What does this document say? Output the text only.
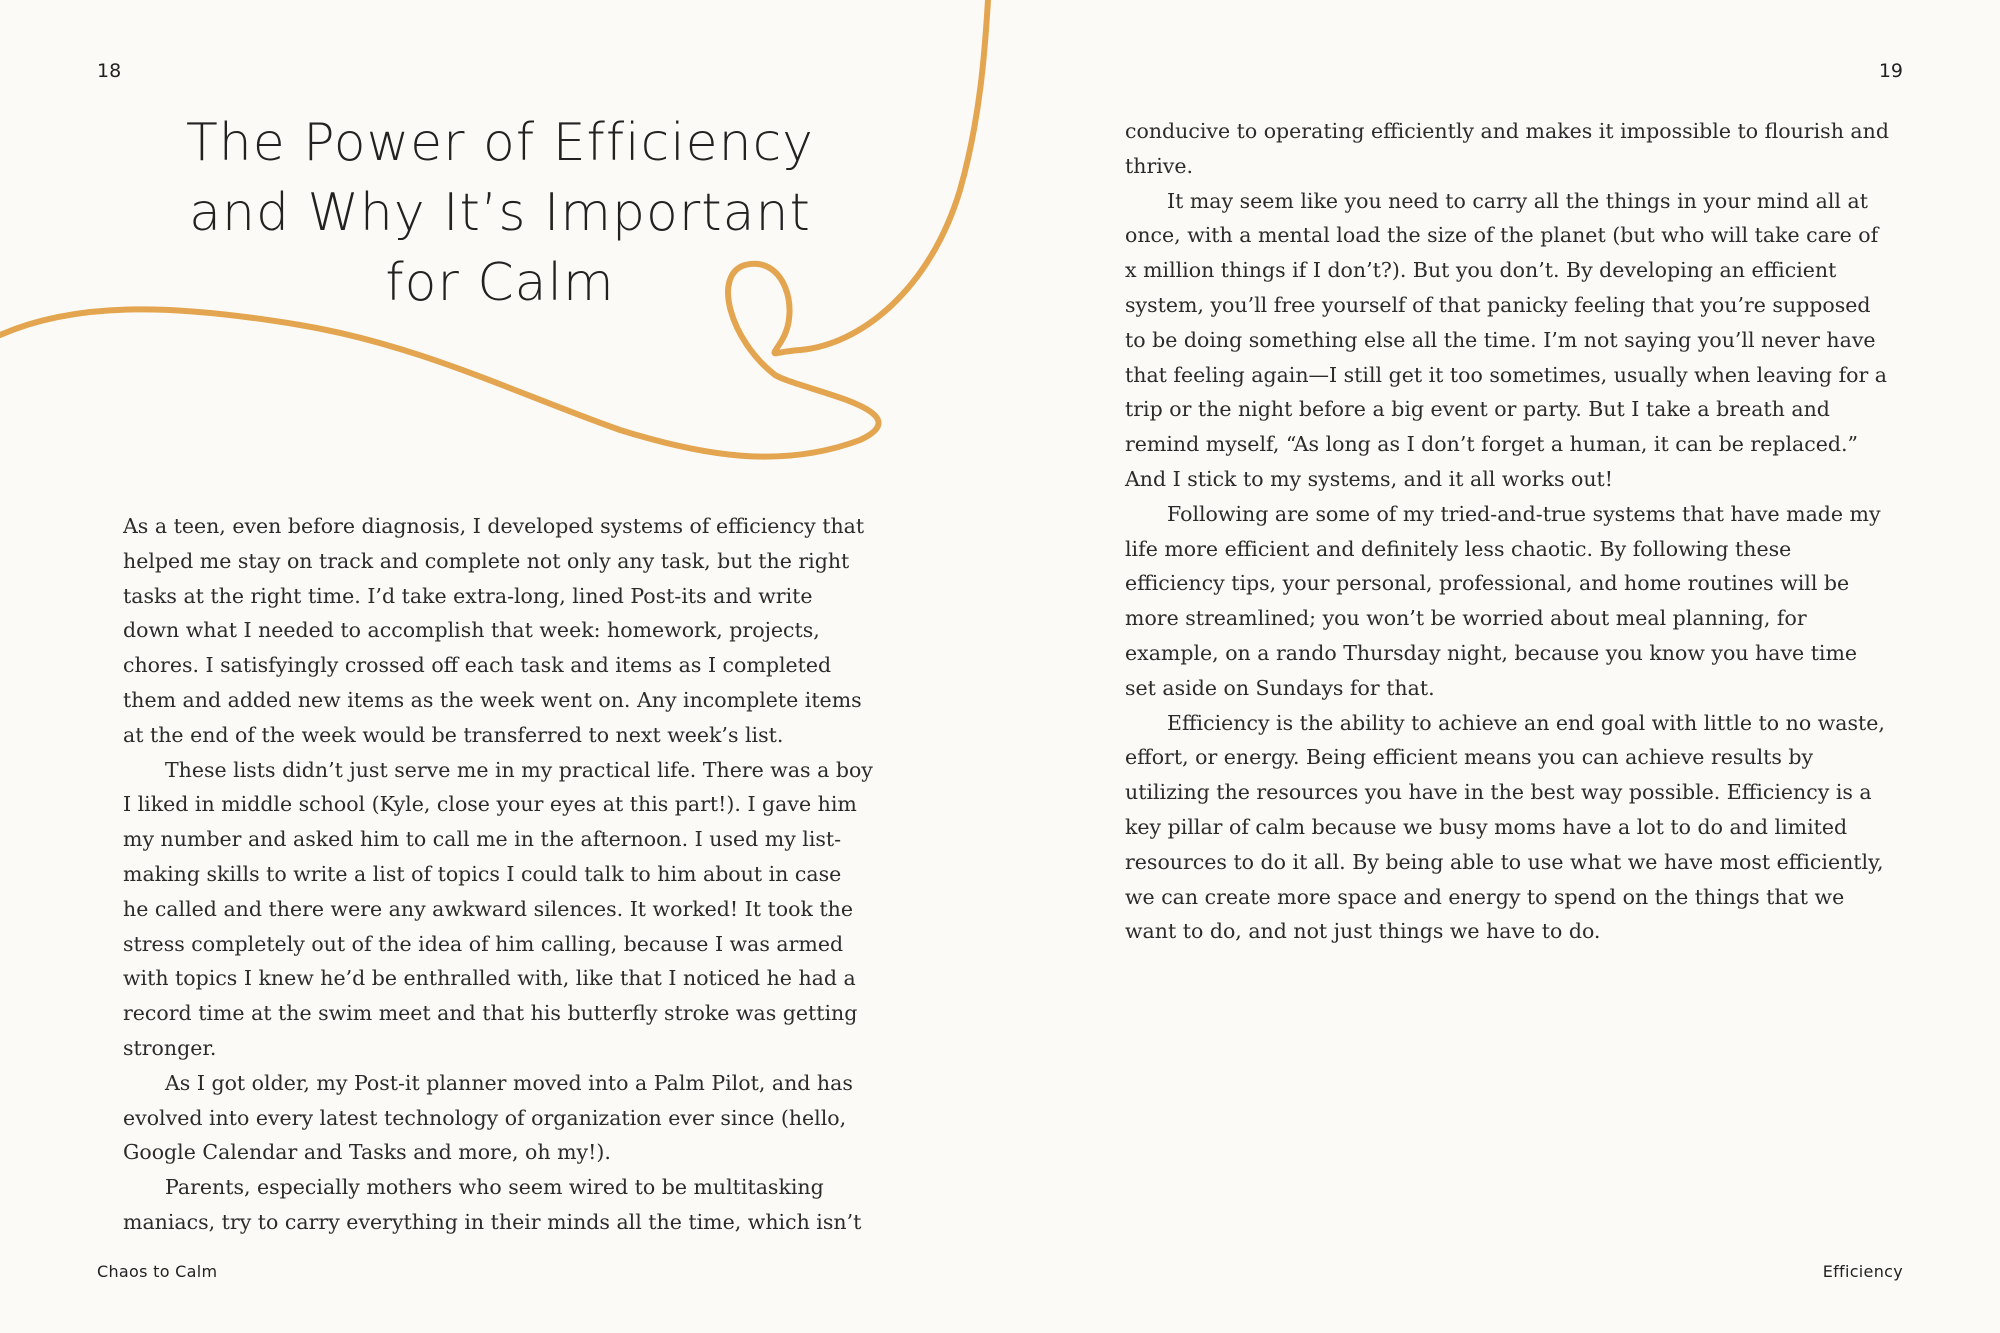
18	19
The Power of Efficiency
and Why It’s Important
for Calm

As a teen, even before diagnosis, I developed systems of efficiency that helped me stay on track and complete not only any task, but the right tasks at the right time. I’d take extra-long, lined Post-its and write down what I needed to accomplish that week: homework, projects, chores. I satisfyingly crossed off each task and items as I completed them and added new items as the week went on. Any incomplete items at the end of the week would be transferred to next week’s list.

These lists didn’t just serve me in my practical life. There was a boy I liked in middle school (Kyle, close your eyes at this part!). I gave him my number and asked him to call me in the afternoon. I used my list-making skills to write a list of topics I could talk to him about in case he called and there were any awkward silences. It worked! It took the stress completely out of the idea of him calling, because I was armed with topics I knew he’d be enthralled with, like that I noticed he had a record time at the swim meet and that his butterfly stroke was getting stronger.

As I got older, my Post-it planner moved into a Palm Pilot, and has evolved into every latest technology of organization ever since (hello, Google Calendar and Tasks and more, oh my!).

Parents, especially mothers who seem wired to be multitasking maniacs, try to carry everything in their minds all the time, which isn’t

conducive to operating efficiently and makes it impossible to flourish and thrive.

It may seem like you need to carry all the things in your mind all at once, with a mental load the size of the planet (but who will take care of x million things if I don’t?). But you don’t. By developing an efficient system, you’ll free yourself of that panicky feeling that you’re supposed to be doing something else all the time. I’m not saying you’ll never have that feeling again—I still get it too sometimes, usually when leaving for a trip or the night before a big event or party. But I take a breath and remind myself, “As long as I don’t forget a human, it can be replaced.” And I stick to my systems, and it all works out!

Following are some of my tried-and-true systems that have made my life more efficient and definitely less chaotic. By following these efficiency tips, your personal, professional, and home routines will be more streamlined; you won’t be worried about meal planning, for example, on a rando Thursday night, because you know you have time set aside on Sundays for that.

Efficiency is the ability to achieve an end goal with little to no waste, effort, or energy. Being efficient means you can achieve results by utilizing the resources you have in the best way possible. Efficiency is a key pillar of calm because we busy moms have a lot to do and limited resources to do it all. By being able to use what we have most efficiently, we can create more space and energy to spend on the things that we want to do, and not just things we have to do.

Chaos to Calm	Efficiency
